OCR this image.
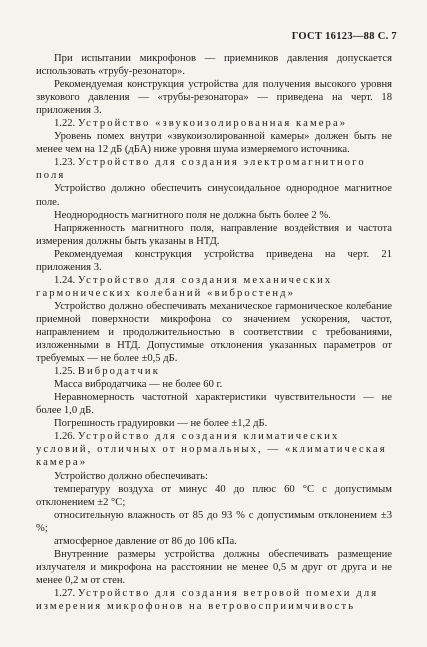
ГОСТ 16123—88 С. 7

При испытании микрофонов — приемников давления допускается использовать «трубу-резонатор».

Рекомендуемая конструкция устройства для получения высокого уровня звукового давления — «трубы-резонатора» — приведена на черт. 18 приложения 3.

1.22. Устройство «звукоизолированная камера»

Уровень помех внутри «звукоизолированной камеры» должен быть не менее чем на 12 дБ (дБА) ниже уровня шума измеряемого источника.

1.23. Устройство для создания электромагнитного поля

Устройство должно обеспечить синусоидальное однородное магнитное поле.

Неоднородность магнитного поля не должна быть более 2 %.

Напряженность магнитного поля, направление воздействия и частота измерения должны быть указаны в НТД.

Рекомендуемая конструкция устройства приведена на черт. 21 приложения 3.

1.24. Устройство для создания механических гармонических колебаний «вибростенд»

Устройство должно обеспечивать механическое гармоническое колебание приемной поверхности микрофона со значением ускорения, частот, направлением и продолжительностью в соответствии с требованиями, изложенными в НТД. Допустимые отклонения указанных параметров от требуемых — не более ±0,5 дБ.

1.25. Вибродатчик

Масса вибродатчика — не более 60 г.

Неравномерность частотной характеристики чувствительности — не более 1,0 дБ.

Погрешность градуировки — не более ±1,2 дБ.

1.26. Устройство для создания климатических условий, отличных от нормальных, — «климатическая камера»

Устройство должно обеспечивать:

температуру воздуха от минус 40 до плюс 60 °C с допустимым отклонением ±2 °C;

относительную влажность от 85 до 93 % с допустимым отклонением ±3 %;

атмосферное давление от 86 до 106 кПа.

Внутренние размеры устройства должны обеспечивать размещение излучателя и микрофона на расстоянии не менее 0,5 м друг от друга и не менее 0,2 м от стен.

1.27. Устройство для создания ветровой помехи для измерения микрофонов на ветровосприимчивость
